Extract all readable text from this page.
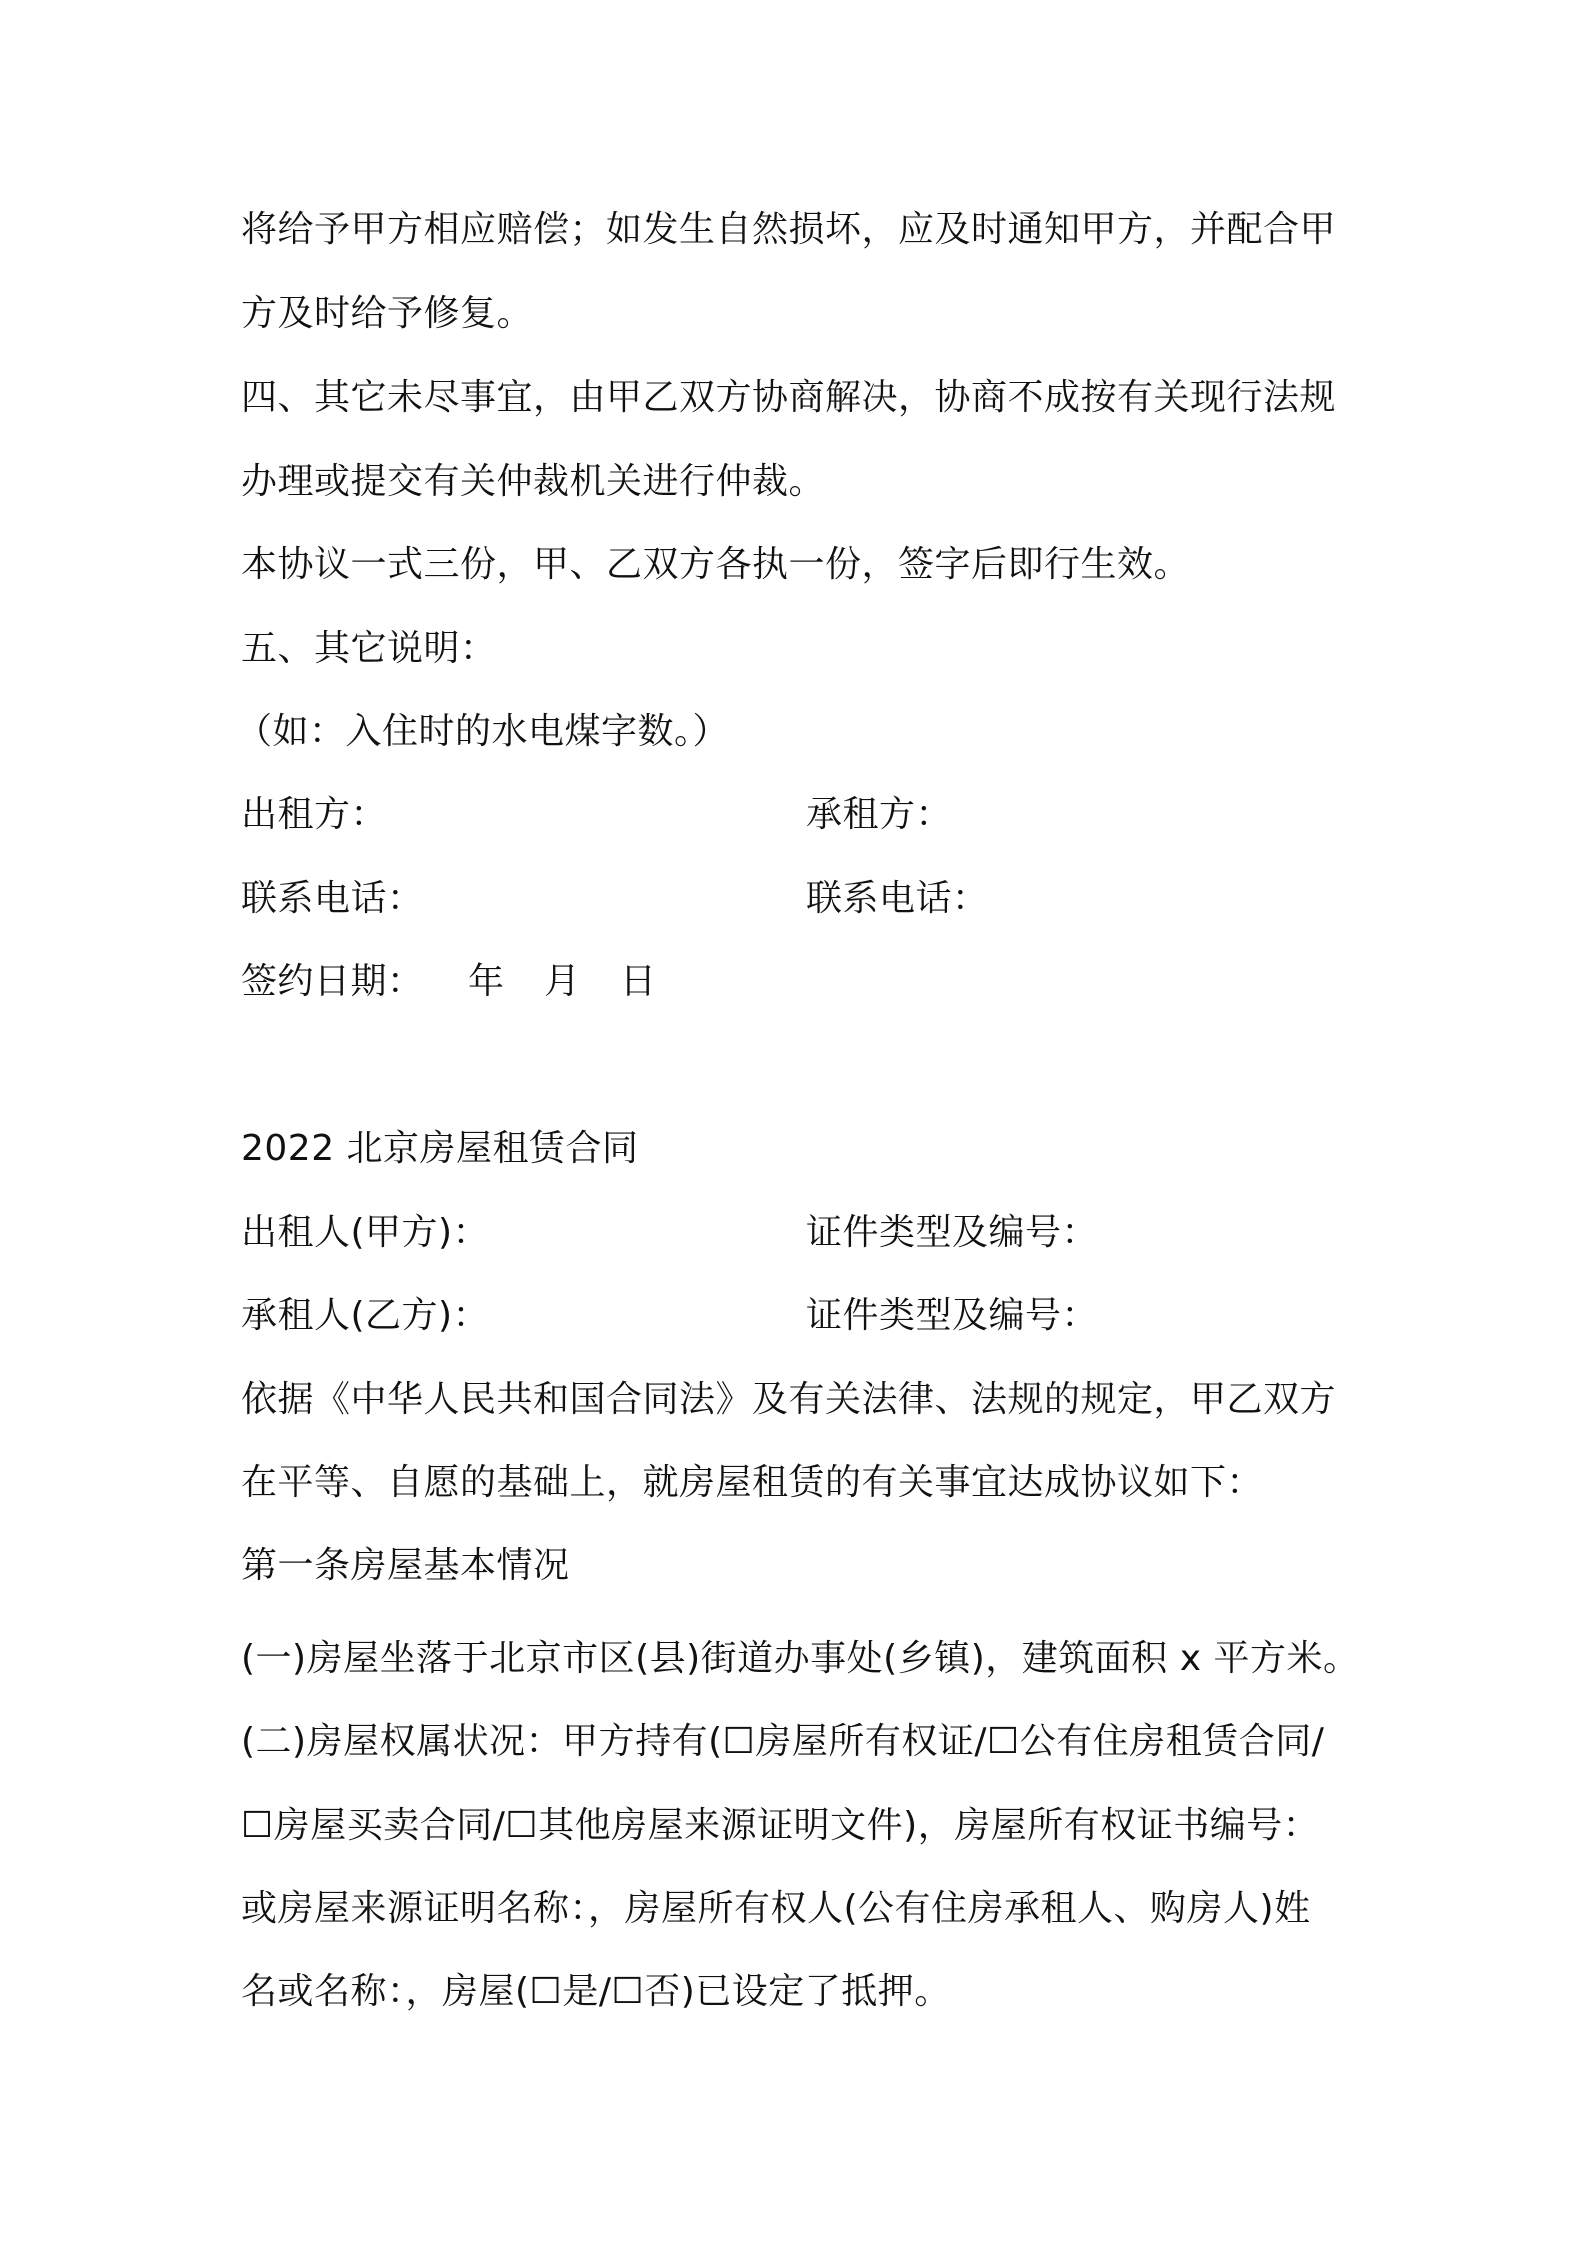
将给予甲方相应赔偿；如发生自然损坏，应及时通知甲方，并配合甲
方及时给予修复。
四、其它未尽事宜，由甲乙双方协商解决，协商不成按有关现行法规
办理或提交有关仲裁机关进行仲裁。
本协议一式三份，甲、乙双方各执一份，签字后即行生效。
五、其它说明：
（如：入住时的水电煤字数。）
出租方：	承租方：
联系电话：	联系电话：
签约日期： 年 月 日
2022 北京房屋租赁合同
出租人(甲方)：	证件类型及编号：
承租人(乙方)：	证件类型及编号：
依据《中华人民共和国合同法》及有关法律、法规的规定，甲乙双方
在平等、自愿的基础上，就房屋租赁的有关事宜达成协议如下：
第一条房屋基本情况
(一)房屋坐落于北京市区(县)街道办事处(乡镇)，建筑面积 x 平方米。
(二)房屋权属状况：甲方持有(☐房屋所有权证/☐公有住房租赁合同/
☐房屋买卖合同/☐其他房屋来源证明文件)，房屋所有权证书编号：
或房屋来源证明名称：，房屋所有权人(公有住房承租人、购房人)姓
名或名称：，房屋(☐是/☐否)已设定了抵押。
